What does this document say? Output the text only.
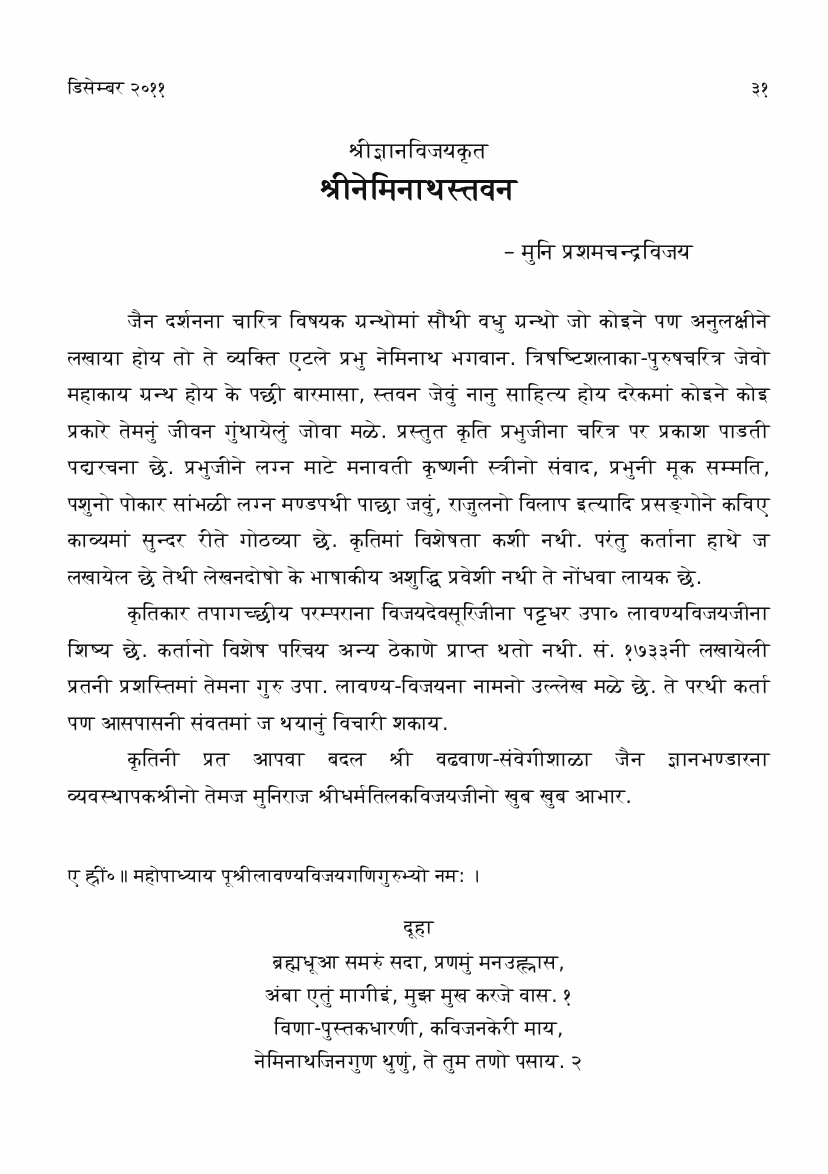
डिसेम्बर २०११	३१
श्रीज्ञानविजयकृत
श्रीनेमिनाथस्तवन
– मुनि प्रशमचन्द्रविजय

जैन दर्शनना चारित्र विषयक ग्रन्थोमां सौथी वधु ग्रन्थो जो कोइने पण अनुलक्षीने लखाया होय तो ते व्यक्ति एटले प्रभु नेमिनाथ भगवान. त्रिषष्टिशलाका-पुरुषचरित्र जेवो महाकाय ग्रन्थ होय के पछी बारमासा, स्तवन जेवुं नानु साहित्य होय दरेकमां कोइने कोइ प्रकारे तेमनुं जीवन गुंथायेलुं जोवा मळे. प्रस्तुत कृति प्रभुजीना चरित्र पर प्रकाश पाडती पद्यरचना छे. प्रभुजीने लग्न माटे मनावती कृष्णनी स्त्रीनो संवाद, प्रभुनी मूक सम्मति, पशुनो पोकार सांभळी लग्न मण्डपथी पाछा जवुं, राजुलनो विलाप इत्यादि प्रसङ्गोने कविए काव्यमां सुन्दर रीते गोठव्या छे. कृतिमां विशेषता कशी नथी. परंतु कर्ताना हाथे ज लखायेल छे तेथी लेखनदोषो के भाषाकीय अशुद्धि प्रवेशी नथी ते नोंधवा लायक छे.

कृतिकार तपागच्छीय परम्पराना विजयदेवसूरिजीना पट्टधर उपा० लावण्यविजयजीना शिष्य छे. कर्तानो विशेष परिचय अन्य ठेकाणे प्राप्त थतो नथी. सं. १७३३नी लखायेली प्रतनी प्रशस्तिमां तेमना गुरु उपा. लावण्य-विजयना नामनो उल्लेख मळे छे. ते परथी कर्ता पण आसपासनी संवतमां ज थयानुं विचारी शकाय.

कृतिनी प्रत आपवा बदल श्री वढवाण-संवेगीशाळा जैन ज्ञानभण्डारना व्यवस्थापकश्रीनो तेमज मुनिराज श्रीधर्मतिलकविजयजीनो खुब खुब आभार.

ए ह्रीं०॥ महोपाध्याय पूश्रीलावण्यविजयगणिगुरुभ्यो नम: ।
दूहा
ब्रह्मधूआ समरुं सदा, प्रणमुं मनउह्लास,
अंबा एतुं मागीइं, मुझ मुख करजे वास. १
विणा-पुस्तकधारणी, कविजनकेरी माय,
नेमिनाथजिनगुण थुणुं, ते तुम तणो पसाय. २
